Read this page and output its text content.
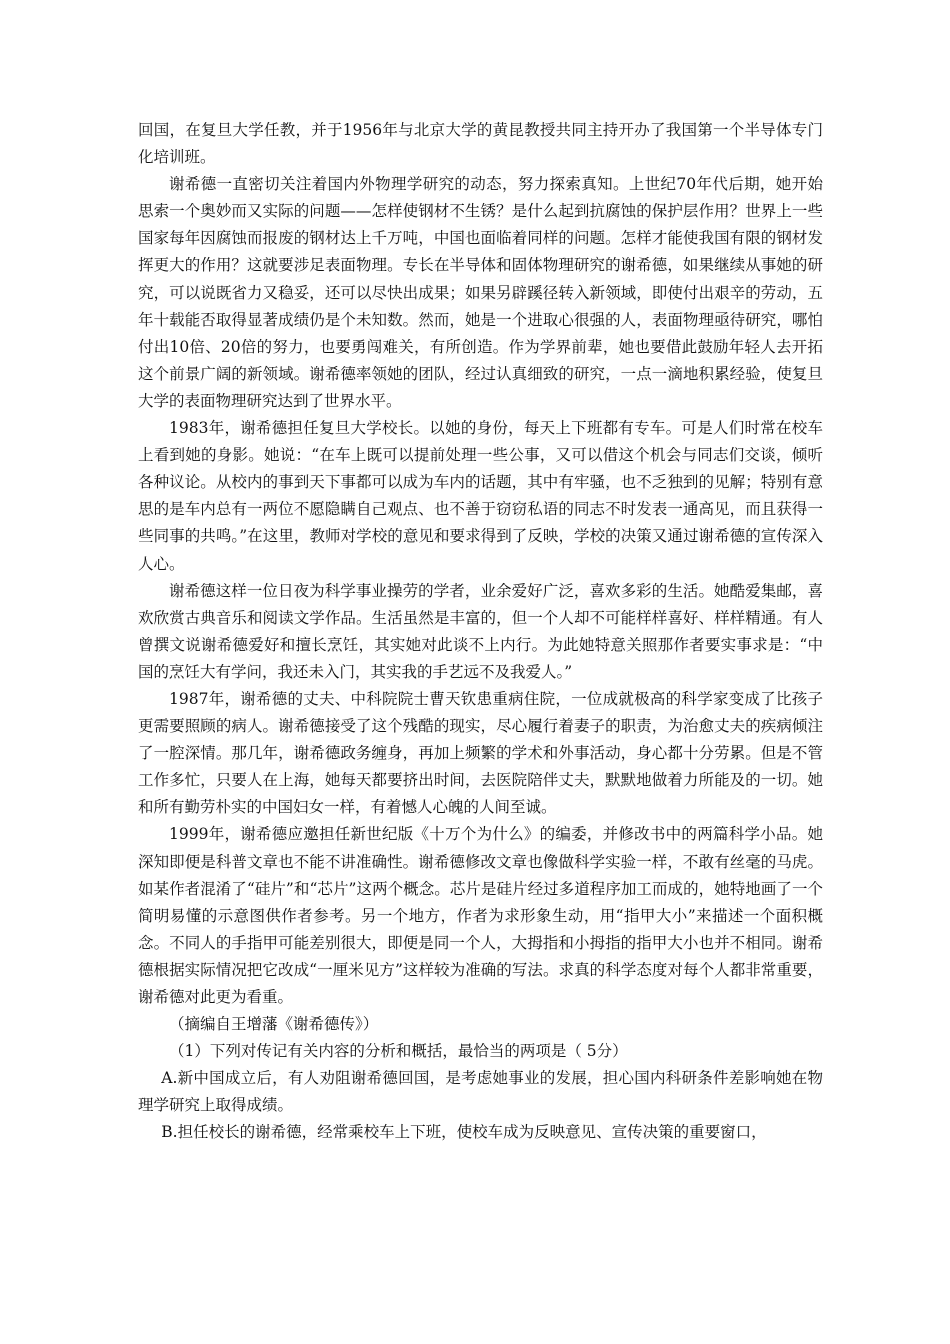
回国，在复旦大学任教，并于1956年与北京大学的黄昆教授共同主持开办了我国第一个半导体专门化培训班。

谢希德一直密切关注着国内外物理学研究的动态，努力探索真知。上世纪70年代后期，她开始思索一个奥妙而又实际的问题——怎样使钢材不生锈？是什么起到抗腐蚀的保护层作用？世界上一些国家每年因腐蚀而报废的钢材达上千万吨，中国也面临着同样的问题。怎样才能使我国有限的钢材发挥更大的作用？这就要涉足表面物理。专长在半导体和固体物理研究的谢希德，如果继续从事她的研究，可以说既省力又稳妥，还可以尽快出成果；如果另辟蹊径转入新领域，即使付出艰辛的劳动，五年十载能否取得显著成绩仍是个未知数。然而，她是一个进取心很强的人，表面物理亟待研究，哪怕付出10倍、20倍的努力，也要勇闯难关，有所创造。作为学界前辈，她也要借此鼓励年轻人去开拓这个前景广阔的新领域。谢希德率领她的团队，经过认真细致的研究，一点一滴地积累经验，使复旦大学的表面物理研究达到了世界水平。

1983年，谢希德担任复旦大学校长。以她的身份，每天上下班都有专车。可是人们时常在校车上看到她的身影。她说：“在车上既可以提前处理一些公事，又可以借这个机会与同志们交谈，倾听各种议论。从校内的事到天下事都可以成为车内的话题，其中有牢骚，也不乏独到的见解；特别有意思的是车内总有一两位不愿隐瞒自己观点、也不善于窃窃私语的同志不时发表一通高见，而且获得一些同事的共鸣。”在这里，教师对学校的意见和要求得到了反映，学校的决策又通过谢希德的宣传深入人心。

谢希德这样一位日夜为科学事业操劳的学者，业余爱好广泛，喜欢多彩的生活。她酷爱集邮，喜欢欣赏古典音乐和阅读文学作品。生活虽然是丰富的，但一个人却不可能样样喜好、样样精通。有人曾撰文说谢希德爱好和擅长烹饪，其实她对此谈不上内行。为此她特意关照那作者要实事求是：“中国的烹饪大有学问，我还未入门，其实我的手艺远不及我爱人。”

1987年，谢希德的丈夫、中科院院士曹天钦患重病住院，一位成就极高的科学家变成了比孩子更需要照顾的病人。谢希德接受了这个残酷的现实，尽心履行着妻子的职责，为治愈丈夫的疾病倾注了一腔深情。那几年，谢希德政务缠身，再加上频繁的学术和外事活动，身心都十分劳累。但是不管工作多忙，只要人在上海，她每天都要挤出时间，去医院陪伴丈夫，默默地做着力所能及的一切。她和所有勤劳朴实的中国妇女一样，有着憾人心魄的人间至诚。

1999年，谢希德应邀担任新世纪版《十万个为什么》的编委，并修改书中的两篇科学小品。她深知即便是科普文章也不能不讲准确性。谢希德修改文章也像做科学实验一样，不敢有丝毫的马虎。如某作者混淆了“硅片”和“芯片”这两个概念。芯片是硅片经过多道程序加工而成的，她特地画了一个简明易懂的示意图供作者参考。另一个地方，作者为求形象生动，用“指甲大小”来描述一个面积概念。不同人的手指甲可能差别很大，即便是同一个人，大拇指和小拇指的指甲大小也并不相同。谢希德根据实际情况把它改成“一厘米见方”这样较为准确的写法。求真的科学态度对每个人都非常重要，谢希德对此更为看重。

（摘编自王增藩《谢希德传》）

（1）下列对传记有关内容的分析和概括，最恰当的两项是（ 5分）

A.新中国成立后，有人劝阻谢希德回国，是考虑她事业的发展，担心国内科研条件差影响她在物理学研究上取得成绩。

B.担任校长的谢希德，经常乘校车上下班，使校车成为反映意见、宣传决策的重要窗口，
